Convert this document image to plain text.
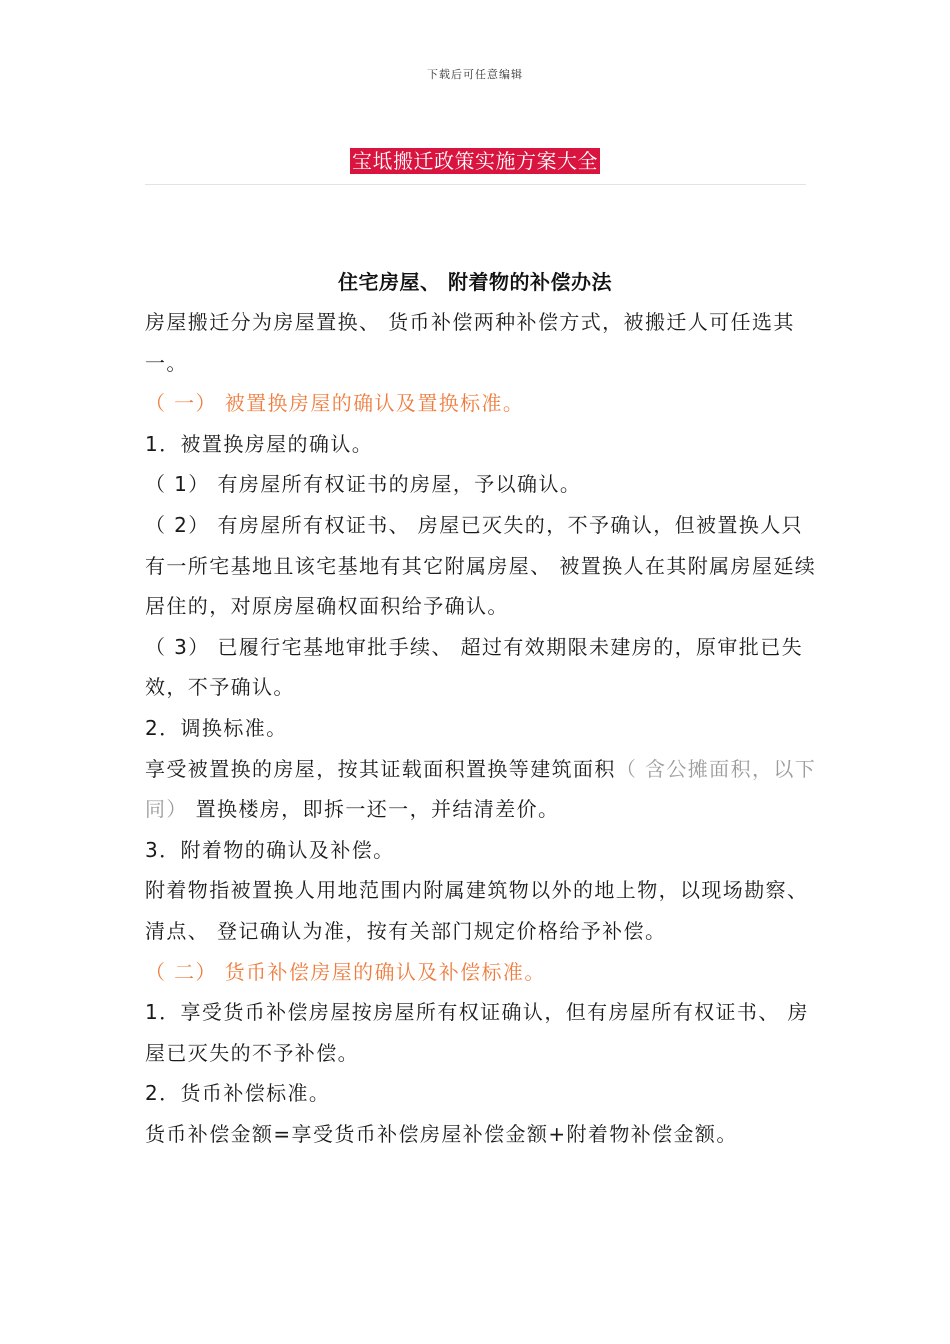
下载后可任意编辑
宝坻搬迁政策实施方案大全
住宅房屋、 附着物的补偿办法

房屋搬迁分为房屋置换、 货币补偿两种补偿方式，被搬迁人可任选其一。

（ 一） 被置换房屋的确认及置换标准。

1．被置换房屋的确认。

（ 1） 有房屋所有权证书的房屋，予以确认。

（ 2） 有房屋所有权证书、 房屋已灭失的，不予确认，但被置换人只有一所宅基地且该宅基地有其它附属房屋、 被置换人在其附属房屋延续居住的，对原房屋确权面积给予确认。

（ 3） 已履行宅基地审批手续、 超过有效期限未建房的，原审批已失效，不予确认。

2．调换标准。

享受被置换的房屋，按其证载面积置换等建筑面积（ 含公摊面积，以下同） 置换楼房，即拆一还一，并结清差价。

3．附着物的确认及补偿。

附着物指被置换人用地范围内附属建筑物以外的地上物，以现场勘察、 清点、 登记确认为准，按有关部门规定价格给予补偿。

（ 二） 货币补偿房屋的确认及补偿标准。

1．享受货币补偿房屋按房屋所有权证确认，但有房屋所有权证书、 房屋已灭失的不予补偿。

2．货币补偿标准。

货币补偿金额=享受货币补偿房屋补偿金额+附着物补偿金额。
